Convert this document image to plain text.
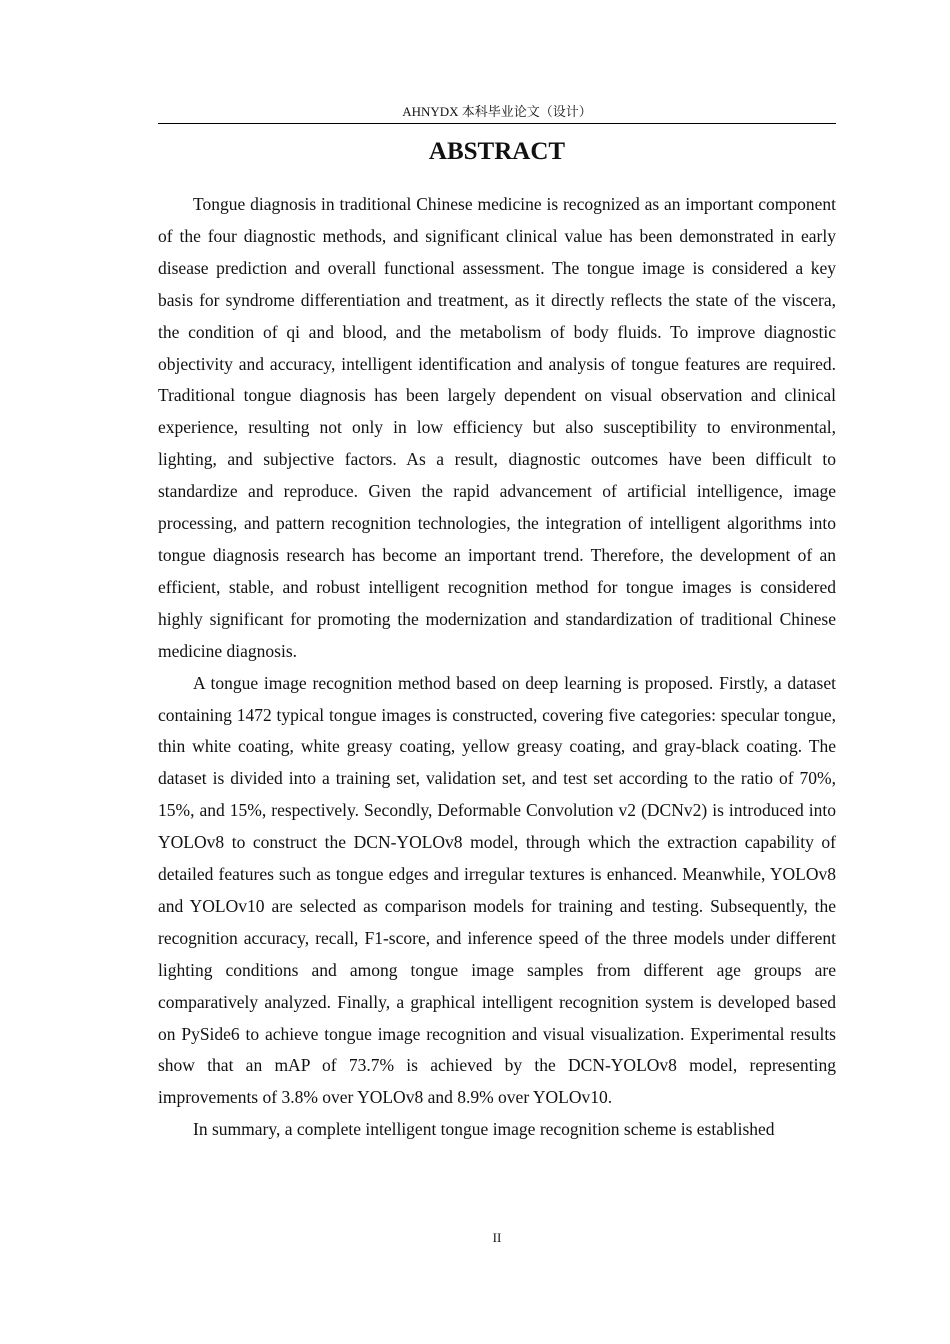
AHNYDX 本科毕业论文（设计）
ABSTRACT

Tongue diagnosis in traditional Chinese medicine is recognized as an important component of the four diagnostic methods, and significant clinical value has been demonstrated in early disease prediction and overall functional assessment. The tongue image is considered a key basis for syndrome differentiation and treatment, as it directly reflects the state of the viscera, the condition of qi and blood, and the metabolism of body fluids. To improve diagnostic objectivity and accuracy, intelligent identification and analysis of tongue features are required. Traditional tongue diagnosis has been largely dependent on visual observation and clinical experience, resulting not only in low efficiency but also susceptibility to environmental, lighting, and subjective factors. As a result, diagnostic outcomes have been difficult to standardize and reproduce. Given the rapid advancement of artificial intelligence, image processing, and pattern recognition technologies, the integration of intelligent algorithms into tongue diagnosis research has become an important trend. Therefore, the development of an efficient, stable, and robust intelligent recognition method for tongue images is considered highly significant for promoting the modernization and standardization of traditional Chinese medicine diagnosis.

A tongue image recognition method based on deep learning is proposed. Firstly, a dataset containing 1472 typical tongue images is constructed, covering five categories: specular tongue, thin white coating, white greasy coating, yellow greasy coating, and gray-black coating. The dataset is divided into a training set, validation set, and test set according to the ratio of 70%, 15%, and 15%, respectively. Secondly, Deformable Convolution v2 (DCNv2) is introduced into YOLOv8 to construct the DCN-YOLOv8 model, through which the extraction capability of detailed features such as tongue edges and irregular textures is enhanced. Meanwhile, YOLOv8 and YOLOv10 are selected as comparison models for training and testing. Subsequently, the recognition accuracy, recall, F1-score, and inference speed of the three models under different lighting conditions and among tongue image samples from different age groups are comparatively analyzed. Finally, a graphical intelligent recognition system is developed based on PySide6 to achieve tongue image recognition and visual visualization. Experimental results show that an mAP of 73.7% is achieved by the DCN-YOLOv8 model, representing improvements of 3.8% over YOLOv8 and 8.9% over YOLOv10.

In summary, a complete intelligent tongue image recognition scheme is established

II
